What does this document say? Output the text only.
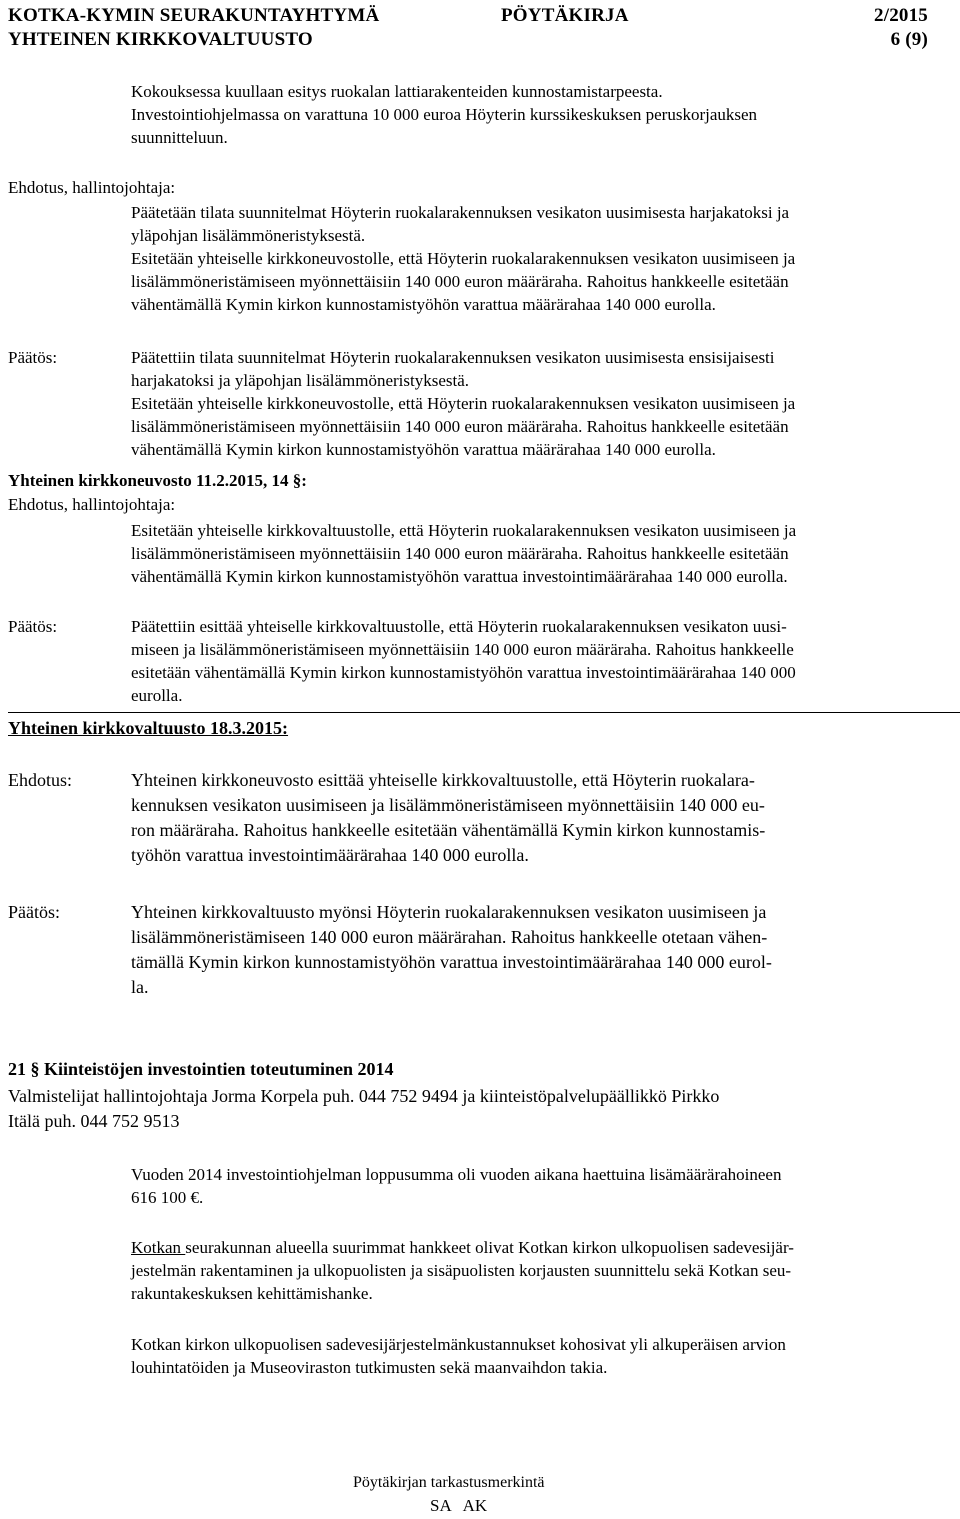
KOTKA-KYMIN SEURAKUNTAYHTYMÄ	PÖYTÄKIRJA	2/2015
YHTEINEN KIRKKOVALTUUSTO	6 (9)
Kokouksessa kuullaan esitys ruokalan lattiarakenteiden kunnostamistarpeesta.
Investointiohjelmassa on varattuna 10 000 euroa Höyterin kurssikeskuksen peruskorjauksen
suunnitteluun.
Ehdotus, hallintojohtaja:
Päätetään tilata suunnitelmat Höyterin ruokalarakennuksen vesikaton uusimisesta harjakatoksi ja
yläpohjan lisälämmöneristyksestä.
Esitetään yhteiselle kirkkoneuvostolle, että Höyterin ruokalarakennuksen vesikaton uusimiseen ja
lisälämmöneristämiseen myönnettäisiin 140 000 euron määräraha. Rahoitus hankkeelle esitetään
vähentämällä Kymin kirkon kunnostamistyöhön varattua määrärahaa 140 000 eurolla.
Päätös:	Päätettiin tilata suunnitelmat Höyterin ruokalarakennuksen vesikaton uusimisesta ensisijaisesti
harjakatoksi ja yläpohjan lisälämmöneristyksestä.
Esitetään yhteiselle kirkkoneuvostolle, että Höyterin ruokalarakennuksen vesikaton uusimiseen ja
lisälämmöneristämiseen myönnettäisiin 140 000 euron määräraha. Rahoitus hankkeelle esitetään
vähentämällä Kymin kirkon kunnostamistyöhön varattua määrärahaa 140 000 eurolla.
Yhteinen kirkkoneuvosto 11.2.2015, 14 §:
Ehdotus, hallintojohtaja:
Esitetään yhteiselle kirkkovaltuustolle, että Höyterin ruokalarakennuksen vesikaton uusimiseen ja
lisälämmöneristämiseen myönnettäisiin 140 000 euron määräraha. Rahoitus hankkeelle esitetään
vähentämällä Kymin kirkon kunnostamistyöhön varattua investointimäärärahaa 140 000 eurolla.
Päätös:	Päätettiin esittää yhteiselle kirkkovaltuustolle, että Höyterin ruokalarakennuksen vesikaton uusi-
miseen ja lisälämmöneristämiseen myönnettäisiin 140 000 euron määräraha. Rahoitus hankkeelle
esitetään vähentämällä Kymin kirkon kunnostamistyöhön varattua investointimäärärahaa 140 000
eurolla.
Yhteinen kirkkovaltuusto 18.3.2015:
Ehdotus:	Yhteinen kirkkoneuvosto esittää yhteiselle kirkkovaltuustolle, että Höyterin ruokalara-
kennuksen vesikaton uusimiseen ja lisälämmöneristämiseen myönnettäisiin 140 000 eu-
ron määräraha. Rahoitus hankkeelle esitetään vähentämällä Kymin kirkon kunnostamis-
työhön varattua investointimäärärahaa 140 000 eurolla.
Päätös:	Yhteinen kirkkovaltuusto myönsi Höyterin ruokalarakennuksen vesikaton uusimiseen ja
lisälämmöneristämiseen 140 000 euron määrärahan. Rahoitus hankkeelle otetaan vähen-
tämällä Kymin kirkon kunnostamistyöhön varattua investointimäärärahaa 140 000 eurol-
la.
21 § Kiinteistöjen investointien toteutuminen 2014
Valmistelijat hallintojohtaja Jorma Korpela puh. 044 752 9494 ja kiinteistöpalvelupäällikkö Pirkko
Itälä puh. 044 752 9513
Vuoden 2014 investointiohjelman loppusumma oli vuoden aikana haettuina lisämäärärahoineen
616 100 €.
Kotkan seurakunnan alueella suurimmat hankkeet olivat Kotkan kirkon ulkopuolisen sadevesijär-
jestelmän rakentaminen ja ulkopuolisten ja sisäpuolisten korjausten suunnittelu sekä Kotkan seu-
rakuntakeskuksen kehittämishanke.
Kotkan kirkon ulkopuolisen sadevesijärjestelmänkustannukset kohosivat yli alkuperäisen arvion
louhintatöiden ja Museoviraston tutkimusten sekä maanvaihdon takia.
Pöytäkirjan tarkastusmerkintä
SA   AK
